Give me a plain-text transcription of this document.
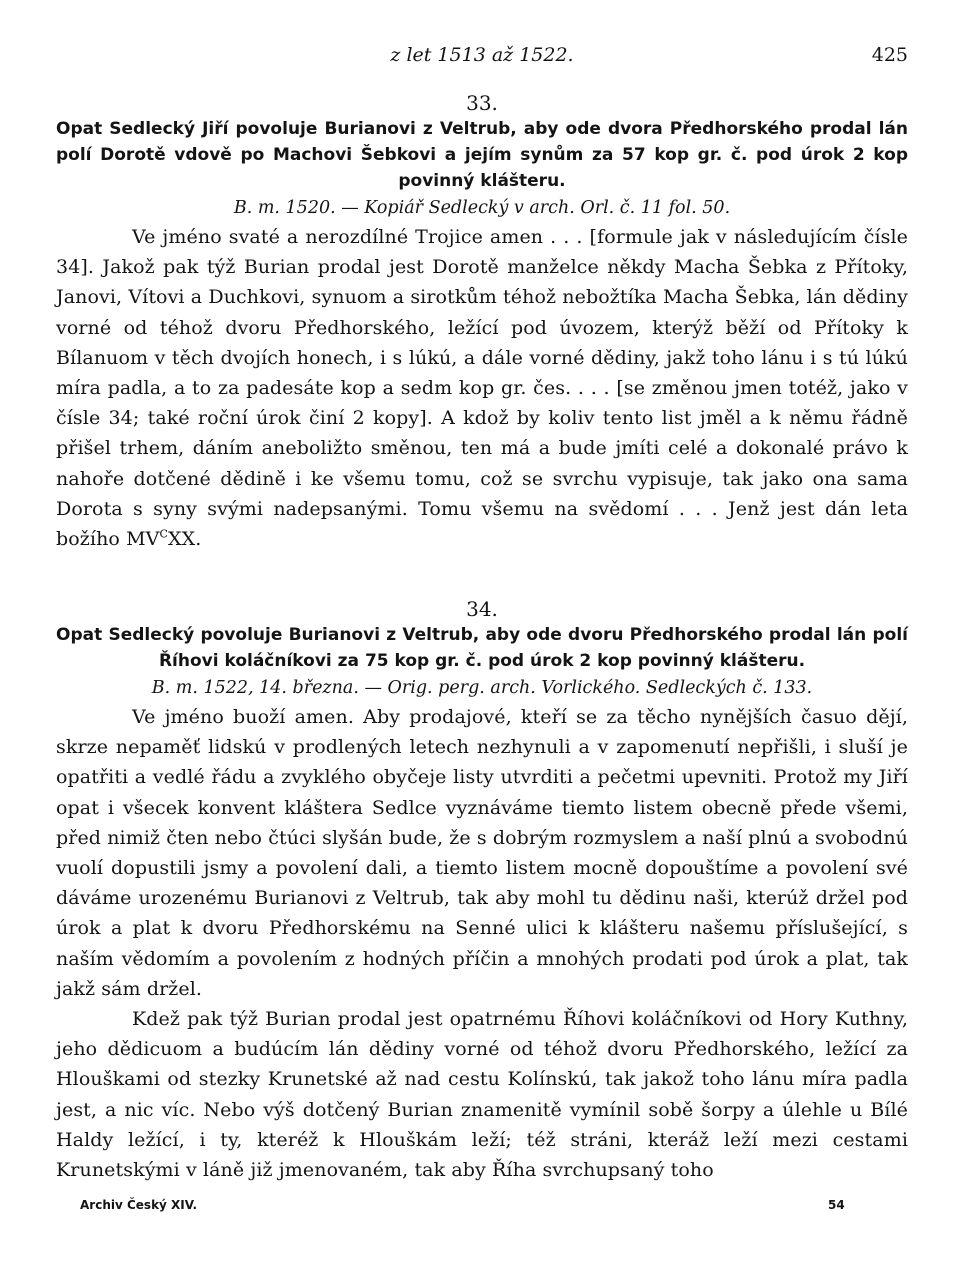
z let 1513 až 1522.	425

33.

Opat Sedlecký Jiří povoluje Burianovi z Veltrub, aby ode dvora Předhorského prodal lán polí Dorotě vdově po Machovi Šebkovi a jejím synům za 57 kop gr. č. pod úrok 2 kop povinný klášteru.

B. m. 1520. — Kopiář Sedlecký v arch. Orl. č. 11 fol. 50.

Ve jméno svaté a nerozdílné Trojice amen . . . [formule jak v následujícím čísle 34]. Jakož pak týž Burian prodal jest Dorotě manželce někdy Macha Šebka z Přítoky, Janovi, Vítovi a Duchkovi, synuom a sirotkům téhož nebožtíka Macha Šebka, lán dědiny vorné od téhož dvoru Předhorského, ležící pod úvozem, kterýž běží od Přítoky k Bílanuom v těch dvojích honech, i s lúkú, a dále vorné dědiny, jakž toho lánu i s tú lúkú míra padla, a to za padesáte kop a sedm kop gr. čes. . . . [se změnou jmen totéž, jako v čísle 34; také roční úrok činí 2 kopy]. A kdož by koliv tento list jměl a k němu řádně přišel trhem, dáním aneboližto směnou, ten má a bude jmíti celé a dokonalé právo k nahoře dotčené dědině i ke všemu tomu, což se svrchu vypisuje, tak jako ona sama Dorota s syny svými nadepsanými. Tomu všemu na svědomí . . . Jenž jest dán leta božího $MV^CXX$.

34.

Opat Sedlecký povoluje Burianovi z Veltrub, aby ode dvoru Předhorského prodal lán polí Říhovi koláčníkovi za 75 kop gr. č. pod úrok 2 kop povinný klášteru.

B. m. 1522, 14. března. — Orig. perg. arch. Vorlického. Sedleckých č. 133.

Ve jméno buoží amen. Aby prodajové, kteří se za těcho nynějších časuo dějí, skrze nepaměť lidskú v prodlených letech nezhynuli a v zapomenutí nepřišli, i sluší je opatřiti a vedlé řádu a zvyklého obyčeje listy utvrditi a pečetmi upevniti. Protož my Jiří opat i všecek konvent kláštera Sedlce vyznáváme tiemto listem obecně přede všemi, před nimiž čten nebo čtúci slyšán bude, že s dobrým rozmyslem a naší plnú a svobodnú vuolí dopustili jsmy a povolení dali, a tiemto listem mocně dopouštíme a povolení své dáváme urozenému Burianovi z Veltrub, tak aby mohl tu dědinu naši, kterúž držel pod úrok a plat k dvoru Předhorskému na Senné ulici k klášteru našemu příslušející, s naším vědomím a povolením z hodných příčin a mnohých prodati pod úrok a plat, tak jakž sám držel.

Kdež pak týž Burian prodal jest opatrnému Říhovi koláčníkovi od Hory Kuthny, jeho dědicuom a budúcím lán dědiny vorné od téhož dvoru Předhorského, ležící za Hlouškami od stezky Krunetské až nad cestu Kolínskú, tak jakož toho lánu míra padla jest, a nic víc. Nebo výš dotčený Burian znamenitě vymínil sobě šorpy a úlehle u Bílé Haldy ležící, i ty, kteréž k Hlouškám leží; též stráni, kteráž leží mezi cestami Krunetskými v láně již jmenovaném, tak aby Říha svrchupsaný toho

Archiv Český XIV.	54
